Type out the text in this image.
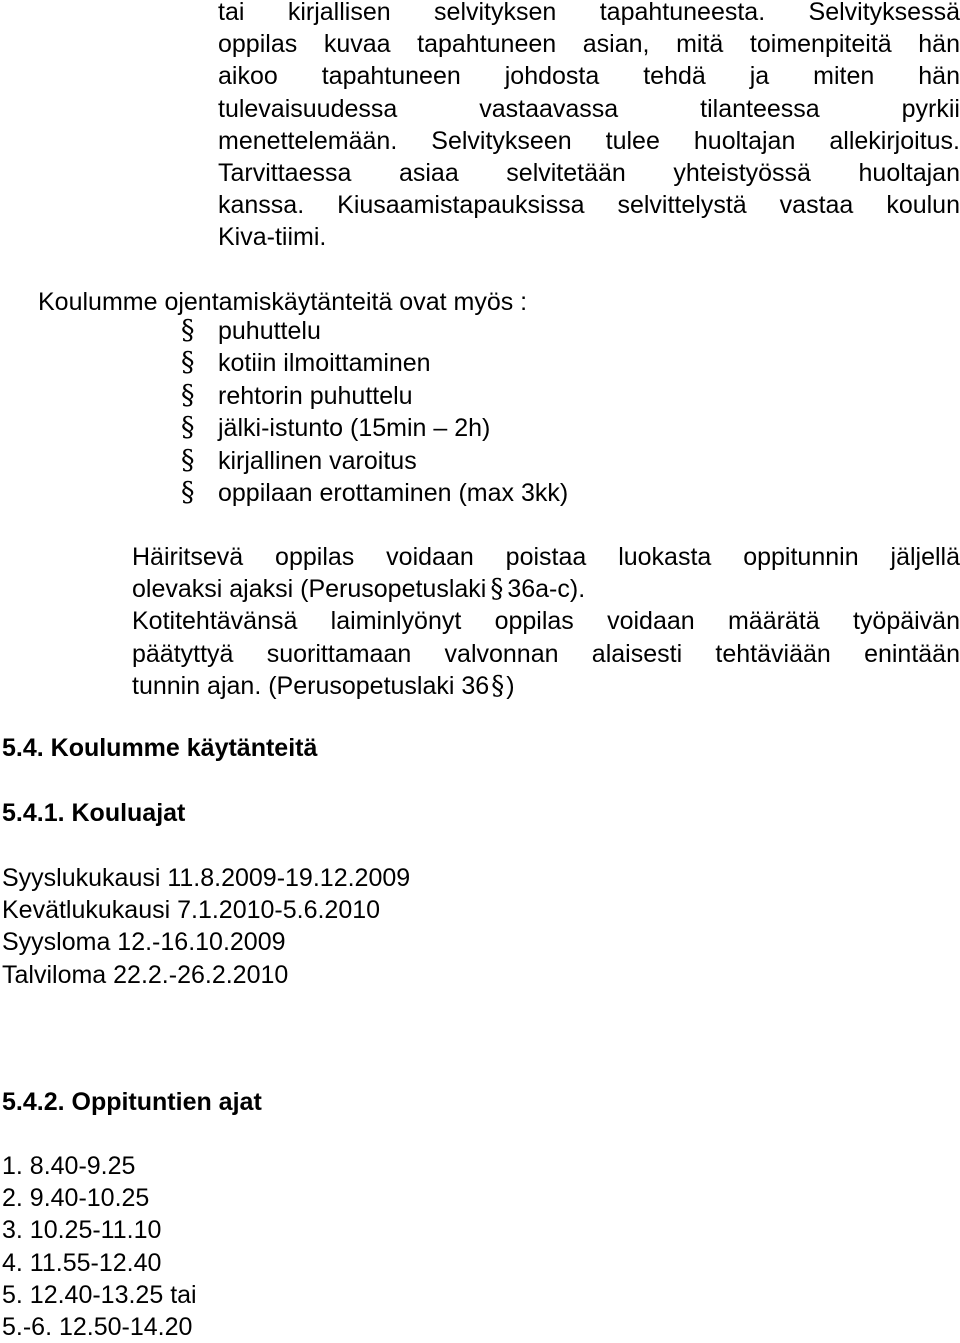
tai kirjallisen selvityksen tapahtuneesta. Selvityksessä
oppilas kuvaa tapahtuneen asian, mitä toimenpiteitä hän
aikoo tapahtuneen johdosta tehdä ja miten hän
tulevaisuudessa vastaavassa tilanteessa pyrkii
menettelemään. Selvitykseen tulee huoltajan allekirjoitus.
Tarvittaessa asiaa selvitetään yhteistyössä huoltajan
kanssa. Kiusaamistapauksissa selvittelystä vastaa koulun
Kiva-tiimi.
Koulumme ojentamiskäytänteitä ovat myös :
§ puhuttelu
§ kotiin ilmoittaminen
§ rehtorin puhuttelu
§ jälki-istunto (15min – 2h)
§ kirjallinen varoitus
§ oppilaan erottaminen (max 3kk)
Häiritsevä oppilas voidaan poistaa luokasta oppitunnin jäljellä
olevaksi ajaksi (Perusopetuslaki § 36a-c).
Kotitehtävänsä laiminlyönyt oppilas voidaan määrätä työpäivän
päätyttyä suorittamaan valvonnan alaisesti tehtäviään enintään
tunnin ajan. (Perusopetuslaki 36§)
5.4. Koulumme käytänteitä
5.4.1. Kouluajat
Syyslukukausi 11.8.2009-19.12.2009
Kevätlukukausi 7.1.2010-5.6.2010
Syysloma 12.-16.10.2009
Talviloma 22.2.-26.2.2010
5.4.2. Oppituntien ajat
1. 8.40-9.25
2. 9.40-10.25
3. 10.25-11.10
4. 11.55-12.40
5. 12.40-13.25 tai
5.-6. 12.50-14.20
